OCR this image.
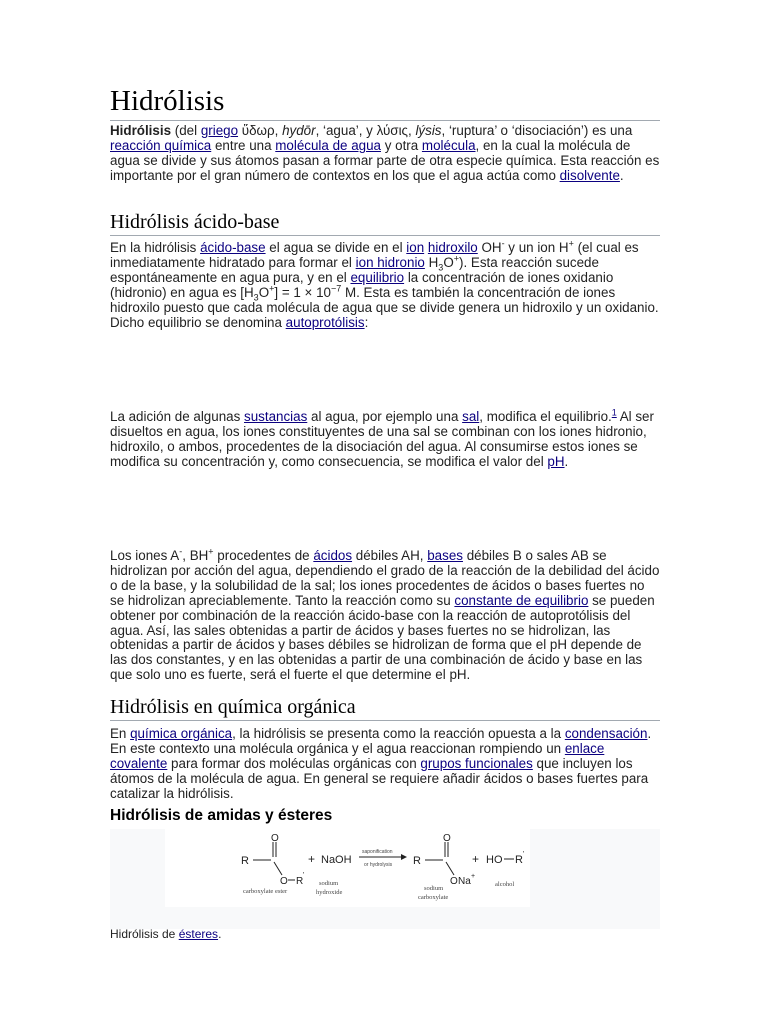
Hidrólisis

Hidrólisis (del griego ὕδωρ, hydōr, ‘agua’, y λύσις, lýsis, ‘ruptura’ o ‘disociación’) es una reacción química entre una molécula de agua y otra molécula, en la cual la molécula de agua se divide y sus átomos pasan a formar parte de otra especie química. Esta reacción es importante por el gran número de contextos en los que el agua actúa como disolvente.

Hidrólisis ácido-base

En la hidrólisis ácido-base el agua se divide en el ion hidroxilo OH- y un ion H+ (el cual es inmediatamente hidratado para formar el ion hidronio $H_3O^+$). Esta reacción sucede espontáneamente en agua pura, y en el equilibrio la concentración de iones oxidanio (hidronio) en agua es $[H_3O^+] = 1 \times 10^{-7}$ M. Esta es también la concentración de iones hidroxilo puesto que cada molécula de agua que se divide genera un hidroxilo y un oxidanio. Dicho equilibrio se denomina autoprotólisis:

La adición de algunas sustancias al agua, por ejemplo una sal, modifica el equilibrio.$^1$ Al ser disueltos en agua, los iones constituyentes de una sal se combinan con los iones hidronio, hidroxilo, o ambos, procedentes de la disociación del agua. Al consumirse estos iones se modifica su concentración y, como consecuencia, se modifica el valor del pH.

Los iones A-, BH+ procedentes de ácidos débiles AH, bases débiles B o sales AB se hidrolizan por acción del agua, dependiendo el grado de la reacción de la debilidad del ácido o de la base, y la solubilidad de la sal; los iones procedentes de ácidos o bases fuertes no se hidrolizan apreciablemente. Tanto la reacción como su constante de equilibrio se pueden obtener por combinación de la reacción ácido-base con la reacción de autoprotólisis del agua. Así, las sales obtenidas a partir de ácidos y bases fuertes no se hidrolizan, las obtenidas a partir de ácidos y bases débiles se hidrolizan de forma que el pH depende de las dos constantes, y en las obtenidas a partir de una combinación de ácido y base en las que solo uno es fuerte, será el fuerte el que determine el pH.

Hidrólisis en química orgánica

En química orgánica, la hidrólisis se presenta como la reacción opuesta a la condensación. En este contexto una molécula orgánica y el agua reaccionan rompiendo un enlace covalente para formar dos moléculas orgánicas con grupos funcionales que incluyen los átomos de la molécula de agua. En general se requiere añadir ácidos o bases fuertes para catalizar la hidrólisis.

Hidrólisis de amidas y ésteres
R
O
O R
'
carboxylate ester
+ NaOH
sodium
hydroxide
saponification
or hydrolysis R
O
O Na +
sodium
carboxylate
+ HO R '
alcohol

Hidrólisis de ésteres.
